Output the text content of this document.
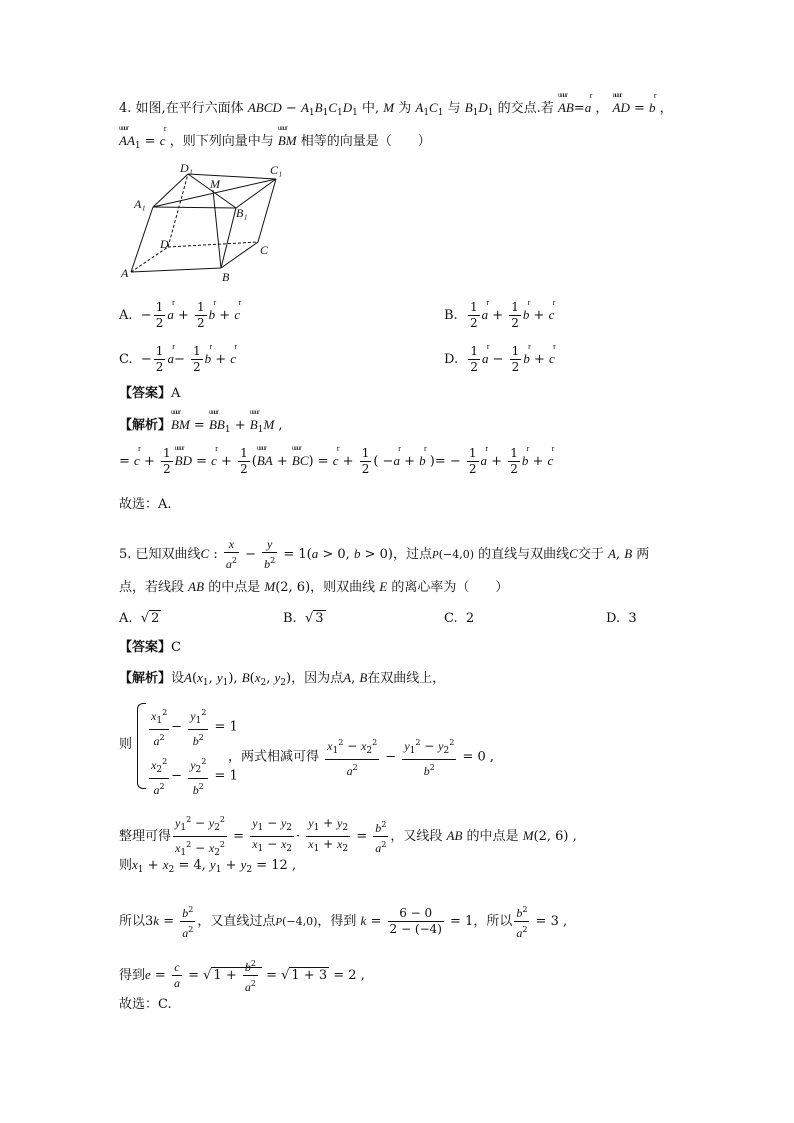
4. 如图,在平行六面体 ABCD − $A_1B_1C_1D_1$ 中, M 为 $A_1C_1$ 与 $B_1D_1$ 的交点.若 uuur AB=r a ， uuur AD = r b ，
uuur $AA_1 = r$ c ，则下列向量中与 uuur BM 相等的向量是（　　）
D₁
M
C₁
A₁
B₁
D	C
A	B
A.  − $\frac{1}{2}$ r $a + \frac{1}{2}$ r b + r c	B. $\frac{1}{2}$ r $a + \frac{1}{2}$ r b + r c
C.  − $\frac{1}{2}$ r $a- \frac{1}{2}$ r b + r c	D. $\frac{1}{2}$ r $a - \frac{1}{2}$ r b + r c
【答案】A
【解析】uuur BM = uuur $BB_1$ + uuur $B_1M$ ,
= r $c + \frac{1}{2}$ uuur BD = r $c + \frac{1}{2}$ (uuur BA + uuur BC) = r $c + \frac{1}{2}$ ( −r a + r b )= − $\frac{1}{2}$ r $a + \frac{1}{2}$ r b + r c
故选：A.
5. 已知双曲线C : $\frac{x}{a^2} - \frac{y}{b^2} = 1(a > 0$, b > 0)，过点P(−4,0) 的直线与双曲线C交于 A, B 两
点，若线段 AB 的中点是 M(2, 6)，则双曲线 E 的离心率为（　　）
A.  √ 2	B.  √ 3	C.  2	D.  3
【答案】C
【解析】设$A(x_1$, $y_1$), $B(x_2$, $y_2$)，因为点A, B在双曲线上，
则 $\frac{x_1^2}{a^2} - \frac{y_1^2}{b^2} = 1$
$\frac{x_2^2}{a^2} - \frac{y_2^2}{b^2} = 1$
，两式相减可得 $\frac{x_1^2 - x_2^2}{a^2} - \frac{y_1^2 - y_2^2}{b^2} = 0$ ,
整理可得 $\frac{y_1^2 - y_2^2}{x_1^2 - x_2^2} = \frac{y_1 - y_2}{x_1 - x_2} \cdot \frac{y_1 + y_2}{x_1 + x_2} = \frac{b^2}{a^2}$ ，又线段 AB 的中点是 M(2, 6) ,
则$x_1 + x_2 = 4$, $y_1 + y_2 = 12$ ,
所以$3k = \frac{b^2}{a^2}$ ，又直线过点P(−4,0)，得到 $k = \frac{6 - 0}{2 - (-4)} = 1$，所以 $\frac{b^2}{a^2} = 3$ ,
得到$e = \frac{c}{a}$ = √ $1 + \frac{b^2}{a^2}$ = √ 1 + 3 = 2 ,
故选：C.
